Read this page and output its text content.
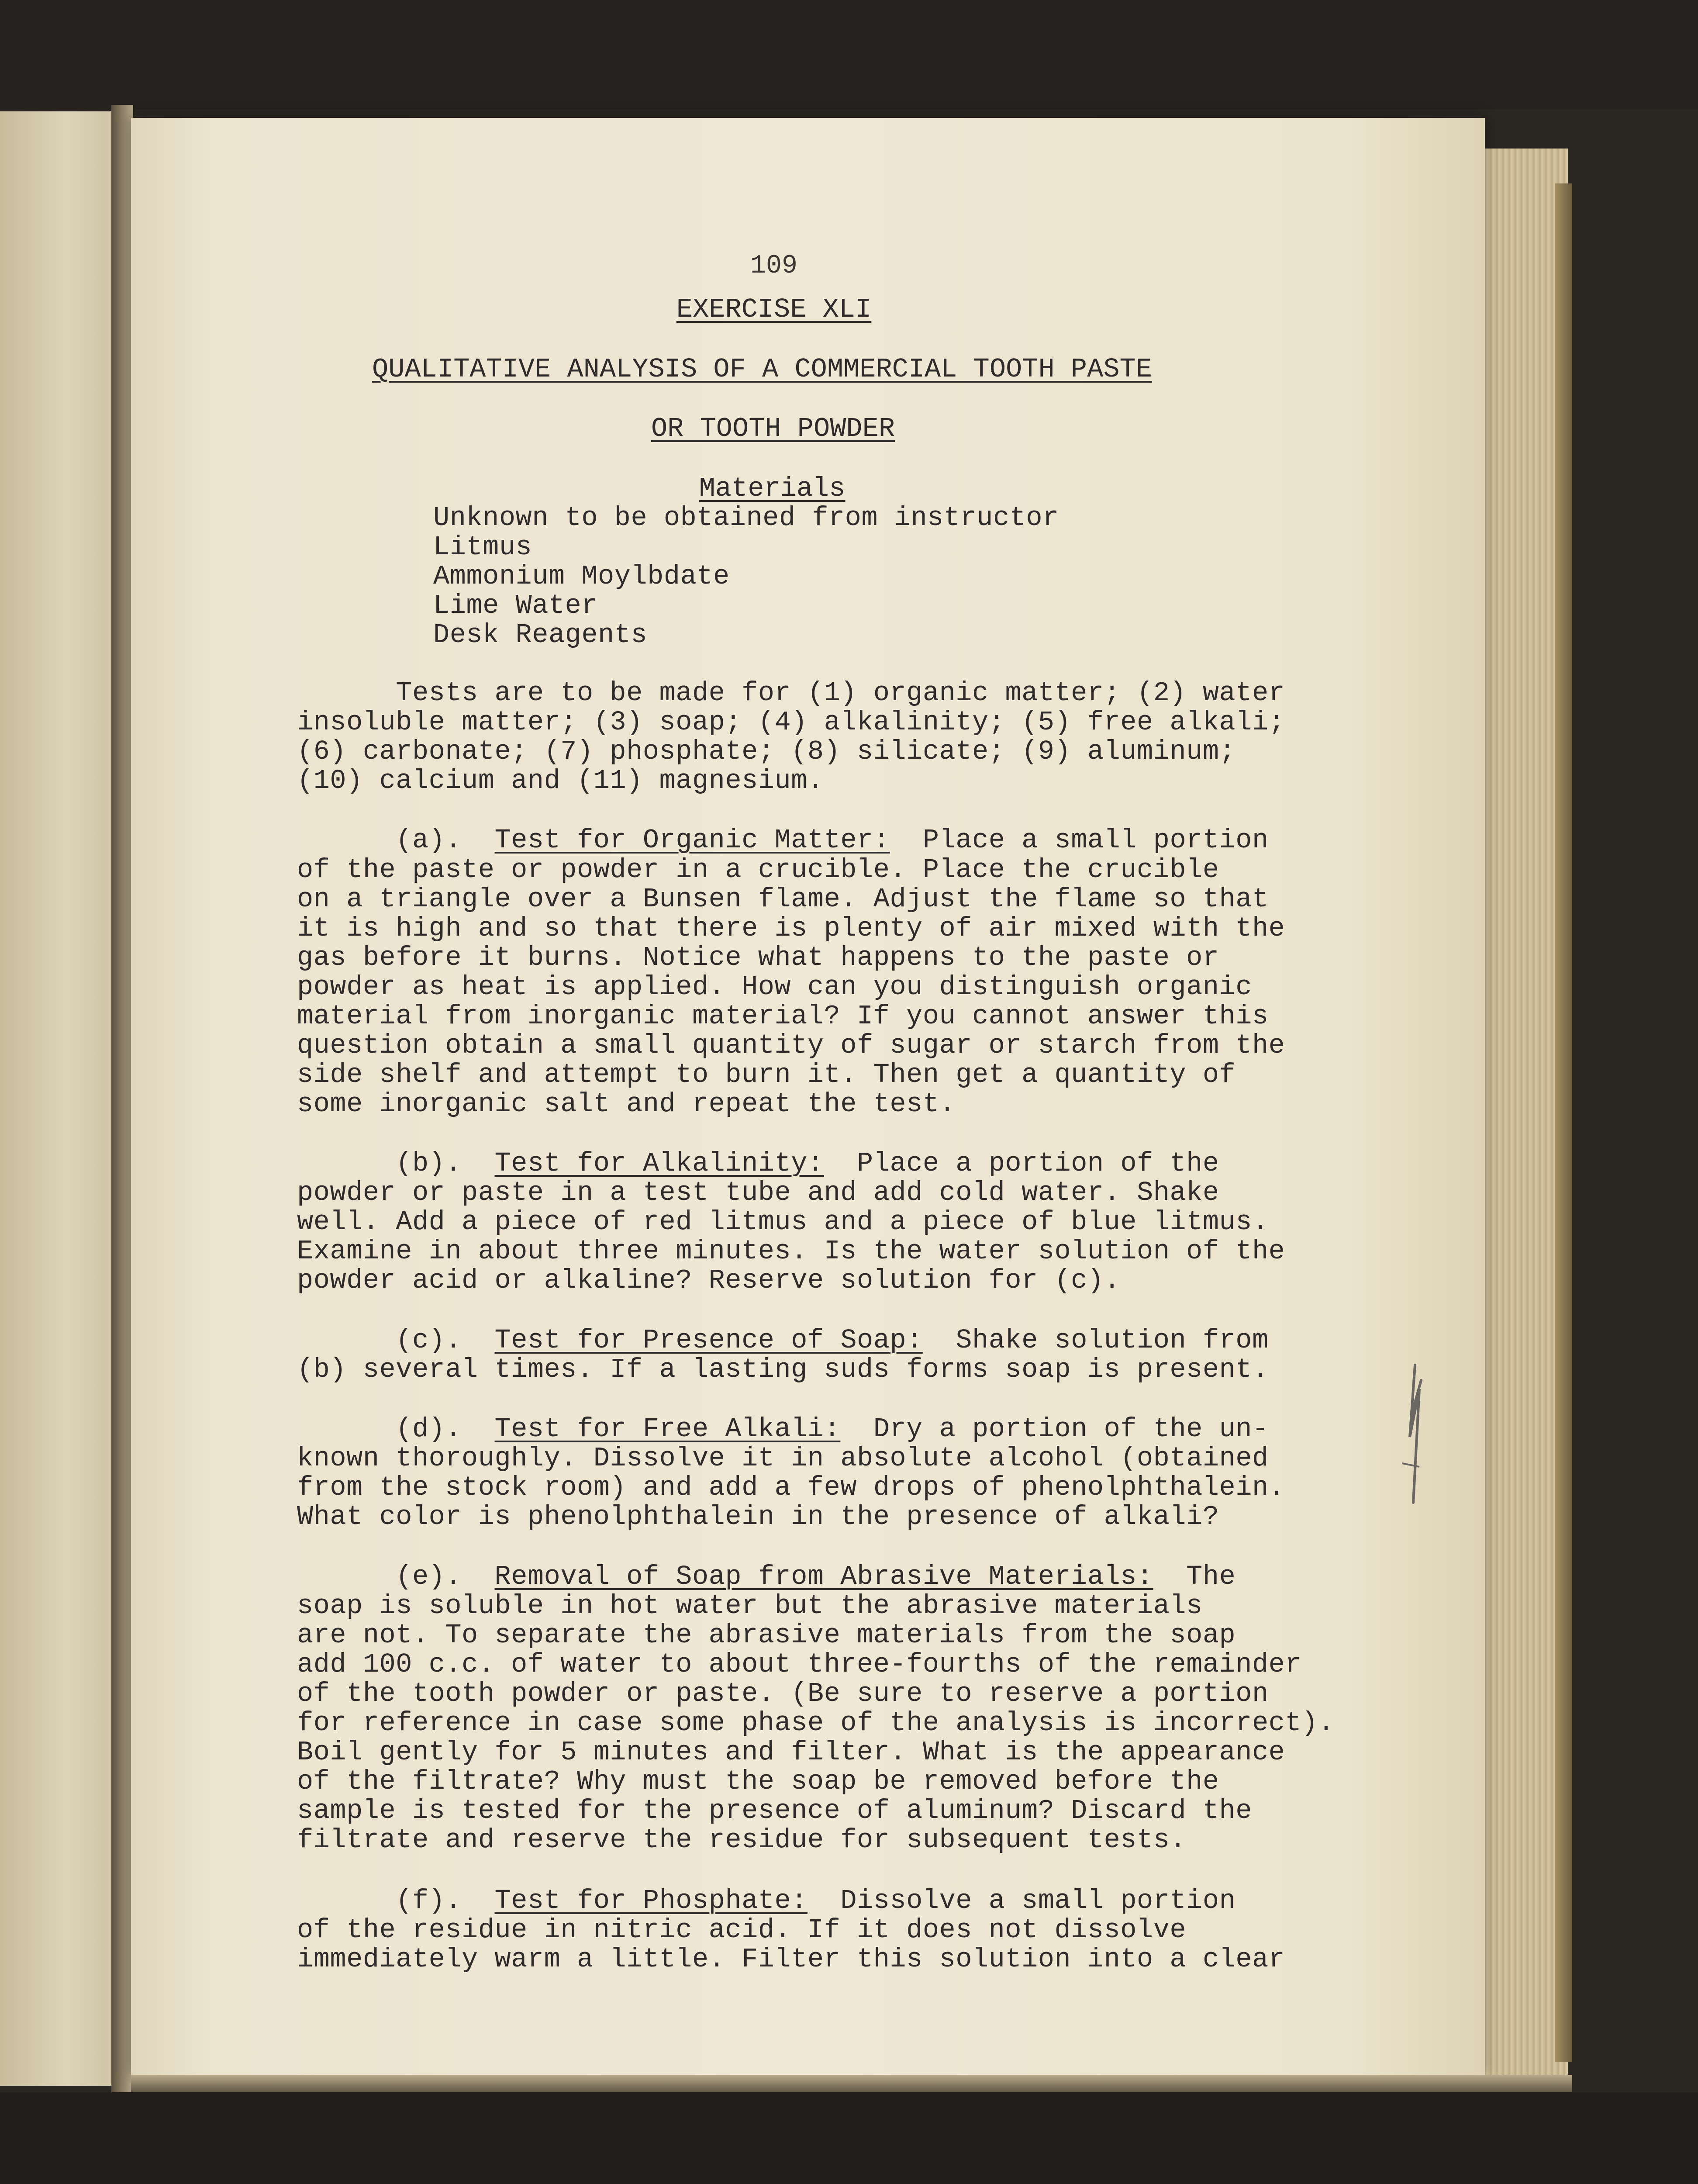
109
EXERCISE XLI
QUALITATIVE ANALYSIS OF A COMMERCIAL TOOTH PASTE
OR TOOTH POWDER
Materials
Unknown to be obtained from instructor
Litmus
Ammonium Moylbdate
Lime Water
Desk Reagents
Tests are to be made for (1) organic matter; (2) water
insoluble matter; (3) soap; (4) alkalinity; (5) free alkali;
(6) carbonate; (7) phosphate; (8) silicate; (9) aluminum;
(10) calcium and (11) magnesium.
(a). Test for Organic Matter: Place a small portion
of the paste or powder in a crucible. Place the crucible
on a triangle over a Bunsen flame. Adjust the flame so that
it is high and so that there is plenty of air mixed with the
gas before it burns. Notice what happens to the paste or
powder as heat is applied. How can you distinguish organic
material from inorganic material? If you cannot answer this
question obtain a small quantity of sugar or starch from the
side shelf and attempt to burn it. Then get a quantity of
some inorganic salt and repeat the test.
(b). Test for Alkalinity: Place a portion of the
powder or paste in a test tube and add cold water. Shake
well. Add a piece of red litmus and a piece of blue litmus.
Examine in about three minutes. Is the water solution of the
powder acid or alkaline? Reserve solution for (c).
(c). Test for Presence of Soap: Shake solution from
(b) several times. If a lasting suds forms soap is present.
(d). Test for Free Alkali: Dry a portion of the un-
known thoroughly. Dissolve it in absolute alcohol (obtained
from the stock room) and add a few drops of phenolphthalein.
What color is phenolphthalein in the presence of alkali?
(e). Removal of Soap from Abrasive Materials: The
soap is soluble in hot water but the abrasive materials
are not. To separate the abrasive materials from the soap
add 100 c.c. of water to about three-fourths of the remainder
of the tooth powder or paste. (Be sure to reserve a portion
for reference in case some phase of the analysis is incorrect).
Boil gently for 5 minutes and filter. What is the appearance
of the filtrate? Why must the soap be removed before the
sample is tested for the presence of aluminum? Discard the
filtrate and reserve the residue for subsequent tests.
(f). Test for Phosphate: Dissolve a small portion
of the residue in nitric acid. If it does not dissolve
immediately warm a little. Filter this solution into a clear
